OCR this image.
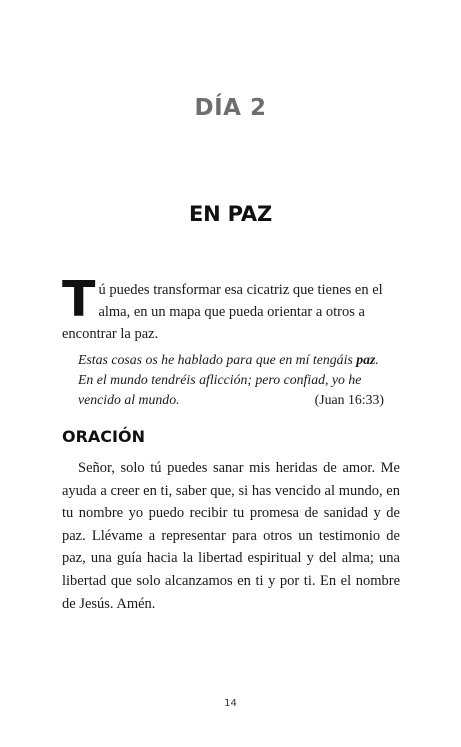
DÍA 2
EN PAZ

Tú puedes transformar esa cicatriz que tienes en el alma, en un mapa que pueda orientar a otros a encontrar la paz.

Estas cosas os he hablado para que en mí tengáis paz. En el mundo tendréis aflicción; pero confiad, yo he vencido al mundo.	(Juan 16:33)

ORACIÓN

Señor, solo tú puedes sanar mis heridas de amor. Me ayuda a creer en ti, saber que, si has vencido al mundo, en tu nombre yo puedo recibir tu promesa de sanidad y de paz. Llévame a representar para otros un testimonio de paz, una guía hacia la libertad espiritual y del alma; una libertad que solo alcanzamos en ti y por ti. En el nombre de Jesús. Amén.

14
